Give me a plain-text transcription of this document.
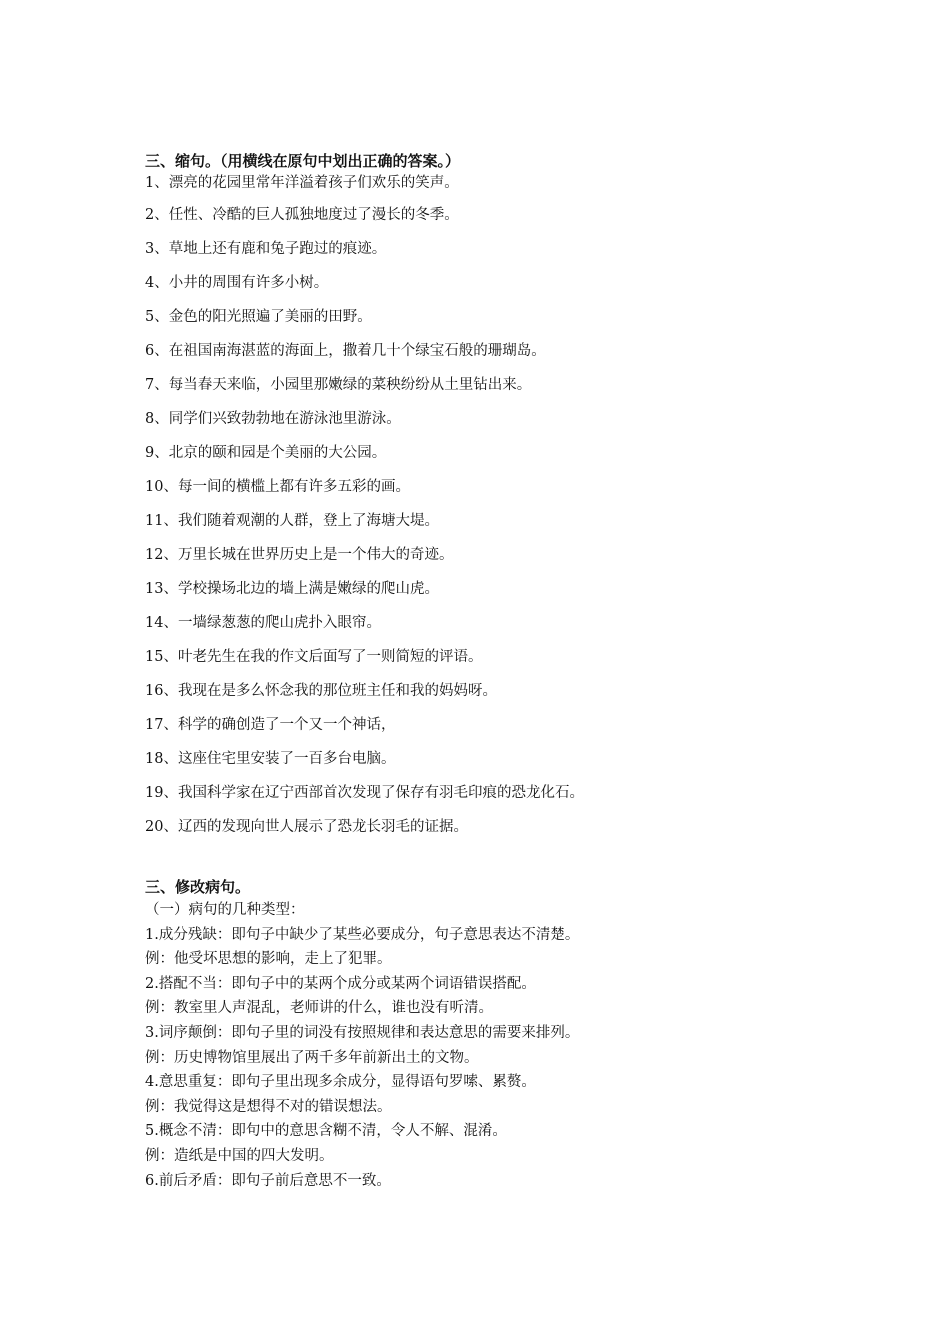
三、缩句。（用横线在原句中划出正确的答案。）
1、漂亮的花园里常年洋溢着孩子们欢乐的笑声。
2、任性、冷酷的巨人孤独地度过了漫长的冬季。
3、草地上还有鹿和兔子跑过的痕迹。
4、小井的周围有许多小树。
5、金色的阳光照遍了美丽的田野。
6、在祖国南海湛蓝的海面上，撒着几十个绿宝石般的珊瑚岛。
7、每当春天来临，小园里那嫩绿的菜秧纷纷从土里钻出来。
8、同学们兴致勃勃地在游泳池里游泳。
9、北京的颐和园是个美丽的大公园。
10、每一间的横槛上都有许多五彩的画。
11、我们随着观潮的人群，登上了海塘大堤。
12、万里长城在世界历史上是一个伟大的奇迹。
13、学校操场北边的墙上满是嫩绿的爬山虎。
14、一墙绿葱葱的爬山虎扑入眼帘。
15、叶老先生在我的作文后面写了一则简短的评语。
16、我现在是多么怀念我的那位班主任和我的妈妈呀。
17、科学的确创造了一个又一个神话，
18、这座住宅里安装了一百多台电脑。
19、我国科学家在辽宁西部首次发现了保存有羽毛印痕的恐龙化石。
20、辽西的发现向世人展示了恐龙长羽毛的证据。
三、修改病句。
（一）病句的几种类型：
1.成分残缺：即句子中缺少了某些必要成分，句子意思表达不清楚。
例：他受坏思想的影响，走上了犯罪。
2.搭配不当：即句子中的某两个成分或某两个词语错误搭配。
例：教室里人声混乱，老师讲的什么，谁也没有听清。
3.词序颠倒：即句子里的词没有按照规律和表达意思的需要来排列。
例：历史博物馆里展出了两千多年前新出土的文物。
4.意思重复：即句子里出现多余成分，显得语句罗嗦、累赘。
例：我觉得这是想得不对的错误想法。
5.概念不清：即句中的意思含糊不清，令人不解、混淆。
例：造纸是中国的四大发明。
6.前后矛盾：即句子前后意思不一致。
